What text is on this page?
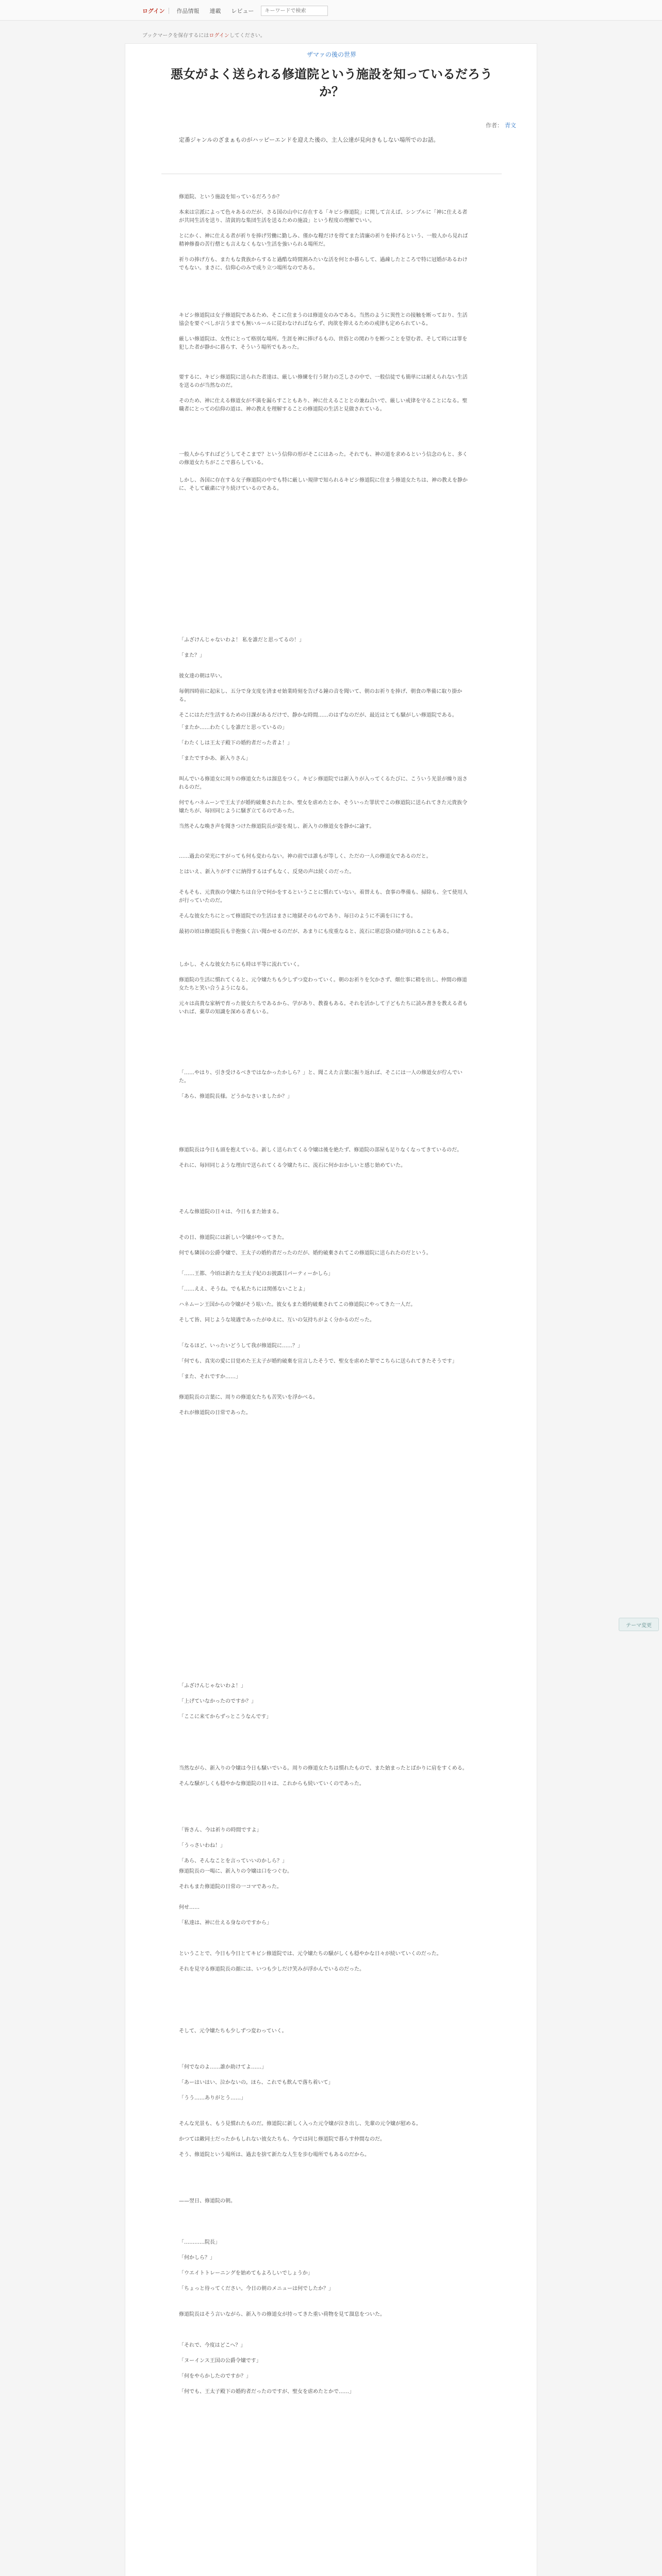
ログイン	作品情報	連載	レビュー
キーワードで検索
ブックマークを保存するにはログインしてください。
ザマァの後の世界
悪女がよく送られる修道院という施設を知っているだろうか？
作者： 青文
定番ジャンルのざまぁものがハッピーエンドを迎えた後の、主人公達が見向きもしない場所でのお話。

修道院、という施設を知っているだろうか？

本来は宗派によって色々あるのだが、さる国の山中に存在する「キビシ修道院」に関して言えば、シンプルに「神に仕える者が共同生活を送り、清貧的な集団生活を送るための施設」という程度の理解でいい。

とにかく、神に仕える者が祈りを捧げ労働に勤しみ、僅かな糧だけを得てまた清廉の祈りを捧げるという、一般人から見れば精神修養の苦行僧とも言えなくもない生活を強いられる場所だ。

祈りの捧げ方も、またもな貴族からすると過酷な時間割みたいな活を何とか暮らして、過疎したところで特に冠婚があるわけでもない。まさに、信仰心のみで成り立つ場所なのである。

キビシ修道院は女子修道院であるため、そこに住まうのは修道女のみである。当然のように異性との接触を断っており、生活協会を要ぐべしが言うまでも無いルールに従わなければならず、肉欲を抑えるための戒律も定められている。

厳しい修道院は、女性にとって格別な場所。生涯を神に捧げるもの、世俗との関わりを断つことを望む者、そして時には罪を犯した者が静かに暮らす、そういう場所でもあった。

要するに、キビシ修道院に送られた者達は、厳しい修練を行う財力の乏しさの中で、一般信徒でも簡単には耐えられない生活を送るのが当然なのだ。

そのため、神に仕える修道女が不満を漏らすこともあり、神に仕えることとの兼ね合いで、厳しい戒律を守ることになる。聖職者にとっての信仰の道は、神の教えを理解することの修道院の生活と見做されている。

一般人からすればどうしてそこまで？という信仰の形がそこにはあった。それでも、神の道を求めるという信念のもと、多くの修道女たちがここで暮らしている。

しかし、各国に存在する女子修道院の中でも特に厳しい規律で知られるキビシ修道院に住まう修道女たちは、神の教えを静かに、そして厳粛に守り続けているのである。

「ふざけんじゃないわよ！ 私を誰だと思ってるの！」

「また？」

彼女達の朝は早い。

毎朝四時前に起床し、五分で身支度を済ませ始業時刻を告げる鐘の音を聞いて、朝のお祈りを捧げ、朝食の準備に取り掛かる。

そこにはただ生活するための日課があるだけで、静かな時間……のはずなのだが、最近はとても騒がしい修道院である。

「またか……わたくしを誰だと思っているの」

「わたくしは王太子殿下の婚約者だった者よ！」

「またですかあ、新入りさん」

叫んでいる修道女に周りの修道女たちは溜息をつく。キビシ修道院では新入りが入ってくるたびに、こういう光景が繰り返されるのだ。

何でもハネムーンで王太子が婚約破棄されたとか、聖女を虐めたとか、そういった罪状でこの修道院に送られてきた元貴族令嬢たちが、毎回同じように騒ぎ立てるのであった。

当然そんな喚き声を聞きつけた修道院長が姿を現し、新入りの修道女を静かに諭す。

……過去の栄光にすがっても何も変わらない。神の前では誰もが等しく、ただの一人の修道女であるのだと。

とはいえ、新入りがすぐに納得するはずもなく、反発の声は続くのだった。

そもそも、元貴族の令嬢たちは自分で何かをするということに慣れていない。着替えも、食事の準備も、掃除も、全て使用人が行っていたのだ。

そんな彼女たちにとって修道院での生活はまさに地獄そのものであり、毎日のように不満を口にする。

最初の頃は修道院長も辛抱強く言い聞かせるのだが、あまりにも度重なると、流石に堪忍袋の緒が切れることもある。

しかし、そんな彼女たちにも時は平等に流れていく。

修道院の生活に慣れてくると、元令嬢たちも少しずつ変わっていく。朝のお祈りを欠かさず、畑仕事に精を出し、仲間の修道女たちと笑い合うようになる。

元々は高貴な家柄で育った彼女たちであるから、学があり、教養もある。それを活かして子どもたちに読み書きを教える者もいれば、薬草の知識を深める者もいる。

「……やはり、引き受けるべきではなかったかしら？」と、聞こえた言葉に振り返れば、そこには一人の修道女が佇んでいた。

「あら、修道院長様。どうかなさいましたか？」

修道院長は今日も頭を抱えている。新しく送られてくる令嬢は後を絶たず、修道院の部屋も足りなくなってきているのだ。

それに、毎回同じような理由で送られてくる令嬢たちに、流石に何かおかしいと感じ始めていた。

そんな修道院の日々は、今日もまた始まる。

その日、修道院には新しい令嬢がやってきた。

何でも隣国の公爵令嬢で、王太子の婚約者だったのだが、婚約破棄されてこの修道院に送られたのだという。

「……王都、今頃は新たな王太子妃のお披露目パーティーかしら」

「……ええ、そうね。でも私たちには関係ないことよ」

ハネムーン王国からの令嬢がそう呟いた。彼女もまた婚約破棄されてこの修道院にやってきた一人だ。

そして皆、同じような境遇であったがゆえに、互いの気持ちがよく分かるのだった。

「なるほど、いったいどうして我が修道院に……？」

「何でも、真実の愛に目覚めた王太子が婚約破棄を宣言したそうで、聖女を虐めた罪でこちらに送られてきたそうです」

「また、それですか……」

修道院長の言葉に、周りの修道女たちも苦笑いを浮かべる。

それが修道院の日常であった。

「ふざけんじゃないわよ！」

「上げていなかったのですか？」

「ここに来てからずっとこうなんです」

当然ながら、新入りの令嬢は今日も騒いでいる。周りの修道女たちは慣れたもので、また始まったとばかりに肩をすくめる。

そんな騒がしくも穏やかな修道院の日々は、これからも続いていくのであった。

「皆さん、今は祈りの時間ですよ」

「うっさいわね！」

「あら、そんなことを言っていいのかしら？」

修道院長の一喝に、新入りの令嬢は口をつぐむ。

それもまた修道院の日常の一コマであった。

何せ……

「私達は、神に仕える身なのですから」

ということで、今日も今日とてキビシ修道院では、元令嬢たちの騒がしくも穏やかな日々が続いていくのだった。

それを見守る修道院長の顔には、いつも少しだけ笑みが浮かんでいるのだった。

そして、元令嬢たちも少しずつ変わっていく。

「何でなのよ……誰か助けてよ……」

「あーはいはい、泣かないの。ほら、これでも飲んで落ち着いて」

「うう……ありがとう……」

そんな光景も、もう見慣れたものだ。修道院に新しく入った元令嬢が泣き出し、先輩の元令嬢が慰める。

かつては敵同士だったかもしれない彼女たちも、今では同じ修道院で暮らす仲間なのだ。

そう、修道院という場所は、過去を捨て新たな人生を歩む場所でもあるのだから。

——翌日、修道院の朝。

「…………院長」

「何かしら？」

「ウエイトトレーニングを始めてもよろしいでしょうか」

「ちょっと待ってください。今日の朝のメニューは何でしたか？」

修道院長はそう言いながら、新入りの修道女が持ってきた重い荷物を見て溜息をついた。

「それで、今度はどこへ？」

「ヌーインス王国の公爵令嬢です」

「何をやらかしたのですか？」

「何でも、王太子殿下の婚約者だったのですが、聖女を虐めたとかで……」

テーマ変更
